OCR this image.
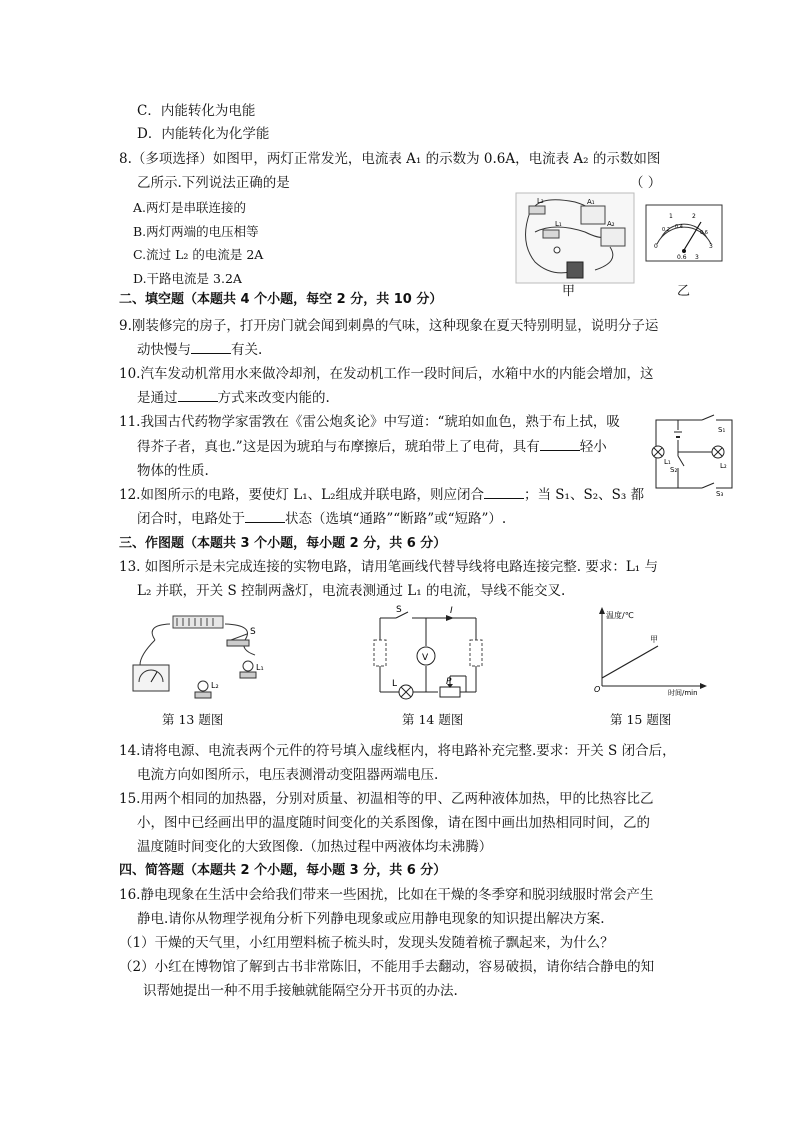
C．内能转化为电能
D．内能转化为化学能
8.（多项选择）如图甲，两灯正常发光，电流表 A₁ 的示数为 0.6A，电流表 A₂ 的示数如图
乙所示.下列说法正确的是	（ ）
A.两灯是串联连接的
B.两灯两端的电压相等
C.流过 L₂ 的电流是 2A
D.干路电流是 3.2A
L₂
L₁
A₁
A₂
甲
0
1	2
3
0.2 0.4
0.6
0.6 3
乙
二、填空题（本题共 4 个小题，每空 2 分，共 10 分）
9.刚装修完的房子，打开房门就会闻到刺鼻的气味，这种现象在夏天特别明显，说明分子运
动快慢与	有关.
10.汽车发动机常用水来做冷却剂，在发动机工作一段时间后，水箱中水的内能会增加，这
是通过	方式来改变内能的.
11.我国古代药物学家雷敩在《雷公炮炙论》中写道：“琥珀如血色，熟于布上拭，吸
得芥子者，真也.”这是因为琥珀与布摩擦后，琥珀带上了电荷，具有	轻小
物体的性质.
12.如图所示的电路，要使灯 L₁、L₂组成并联电路，则应闭合	；当 S₁、S₂、S₃ 都
闭合时，电路处于	状态（选填“通路”“断路”或“短路”）.
S₁
S₂
S₃
L₁	L₂
三、作图题（本题共 3 个小题，每小题 2 分，共 6 分）
13. 如图所示是未完成连接的实物电路，请用笔画线代替导线将电路连接完整. 要求：L₁ 与
L₂ 并联，开关 S 控制两盏灯，电流表测通过 L₁ 的电流，导线不能交叉.
S
L₁
L₂
第 13 题图
V
S	I
L	P
第 14 题图
温度/℃
时间/min
O
甲
第 15 题图
14.请将电源、电流表两个元件的符号填入虚线框内，将电路补充完整.要求：开关 S 闭合后，
电流方向如图所示，电压表测滑动变阻器两端电压.
15.用两个相同的加热器，分别对质量、初温相等的甲、乙两种液体加热，甲的比热容比乙
小，图中已经画出甲的温度随时间变化的关系图像，请在图中画出加热相同时间，乙的
温度随时间变化的大致图像.（加热过程中两液体均未沸腾）
四、简答题（本题共 2 个小题，每小题 3 分，共 6 分）
16.静电现象在生活中会给我们带来一些困扰，比如在干燥的冬季穿和脱羽绒服时常会产生
静电.请你从物理学视角分析下列静电现象或应用静电现象的知识提出解决方案.
（1）干燥的天气里，小红用塑料梳子梳头时，发现头发随着梳子飘起来，为什么？
（2）小红在博物馆了解到古书非常陈旧，不能用手去翻动，容易破损，请你结合静电的知
识帮她提出一种不用手接触就能隔空分开书页的办法.
